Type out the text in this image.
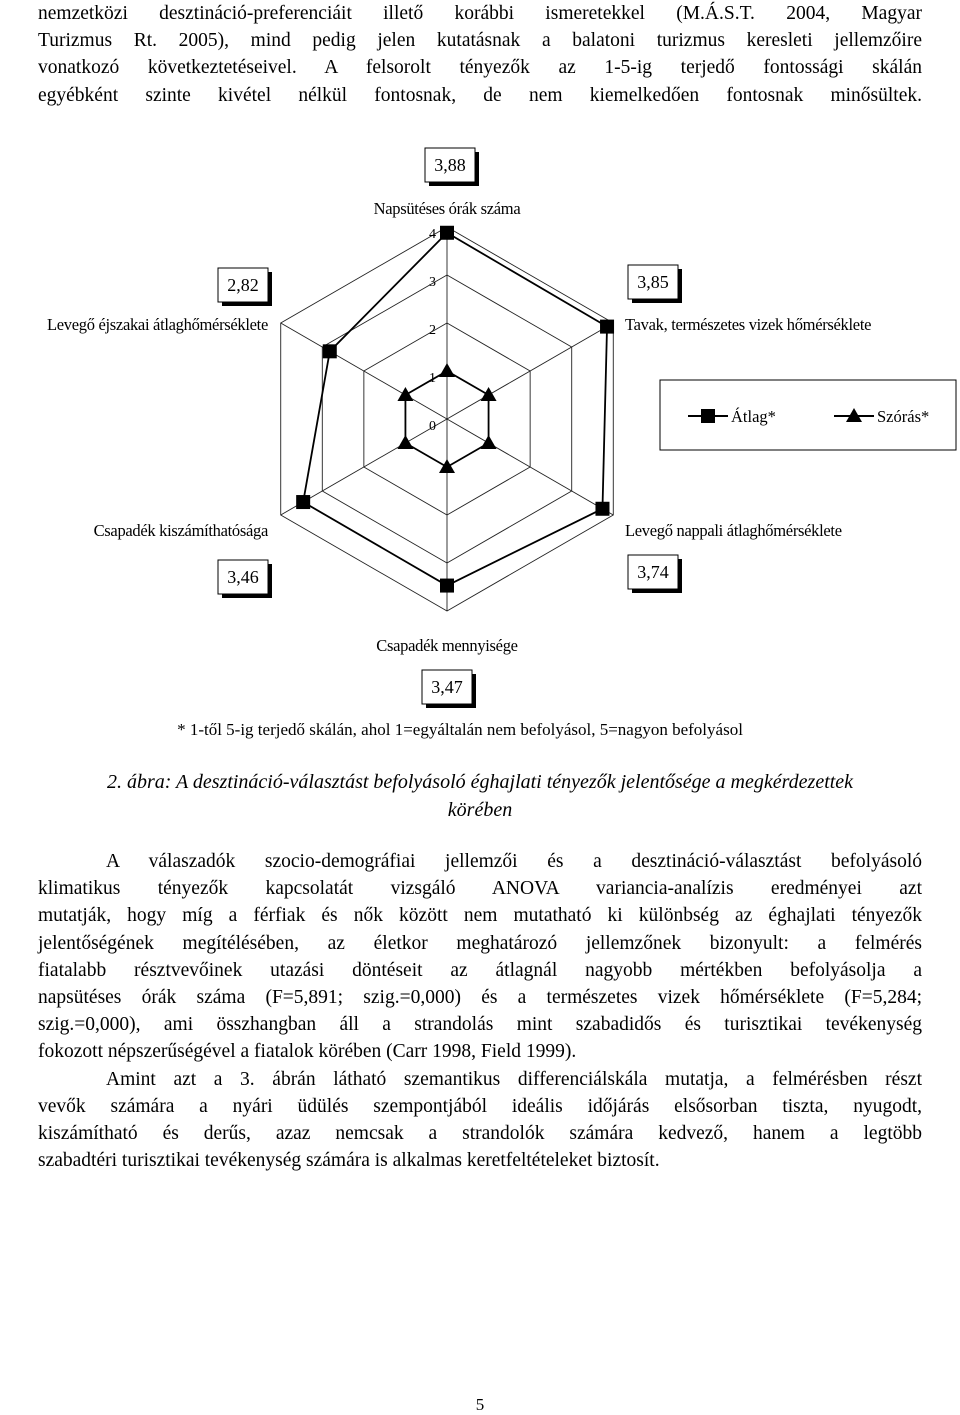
nemzetközi desztináció-preferenciáit illető korábbi ismeretekkel (M.Á.S.T. 2004, Magyar
Turizmus Rt. 2005), mind pedig jelen kutatásnak a balatoni turizmus keresleti jellemzőire
vonatkozó következtetéseivel. A felsorolt tényezők az 1-5-ig terjedő fontossági skálán
egyébként szinte kivétel nélkül fontosnak, de nem kiemelkedően fontosnak minősültek.
0
1
2
3
4
Napsütéses órák száma
Tavak, természetes vizek hőmérséklete
Levegő nappali átlaghőmérséklete
Csapadék mennyisége
Csapadék kiszámíthatósága
Levegő éjszakai átlaghőmérséklete
3,88
3,85
3,74
3,47
3,46
2,82
Átlag*	Szórás*
* 1-től 5-ig terjedő skálán, ahol 1=egyáltalán nem befolyásol, 5=nagyon befolyásol
2. ábra: A desztináció-választást befolyásoló éghajlati tényezők jelentősége a megkérdezettek
körében
A válaszadók szocio-demográfiai jellemzői és a desztináció-választást befolyásoló
klimatikus tényezők kapcsolatát vizsgáló ANOVA variancia-analízis eredményei azt
mutatják, hogy míg a férfiak és nők között nem mutatható ki különbség az éghajlati tényezők
jelentőségének megítélésében, az életkor meghatározó jellemzőnek bizonyult: a felmérés
fiatalabb résztvevőinek utazási döntéseit az átlagnál nagyobb mértékben befolyásolja a
napsütéses órák száma (F=5,891; szig.=0,000) és a természetes vizek hőmérséklete (F=5,284;
szig.=0,000), ami összhangban áll a strandolás mint szabadidős és turisztikai tevékenység
fokozott népszerűségével a fiatalok körében (Carr 1998, Field 1999).
Amint azt a 3. ábrán látható szemantikus differenciálskála mutatja, a felmérésben részt
vevők számára a nyári üdülés szempontjából ideális időjárás elsősorban tiszta, nyugodt,
kiszámítható és derűs, azaz nemcsak a strandolók számára kedvező, hanem a legtöbb
szabadtéri turisztikai tevékenység számára is alkalmas keretfeltételeket biztosít.
5
